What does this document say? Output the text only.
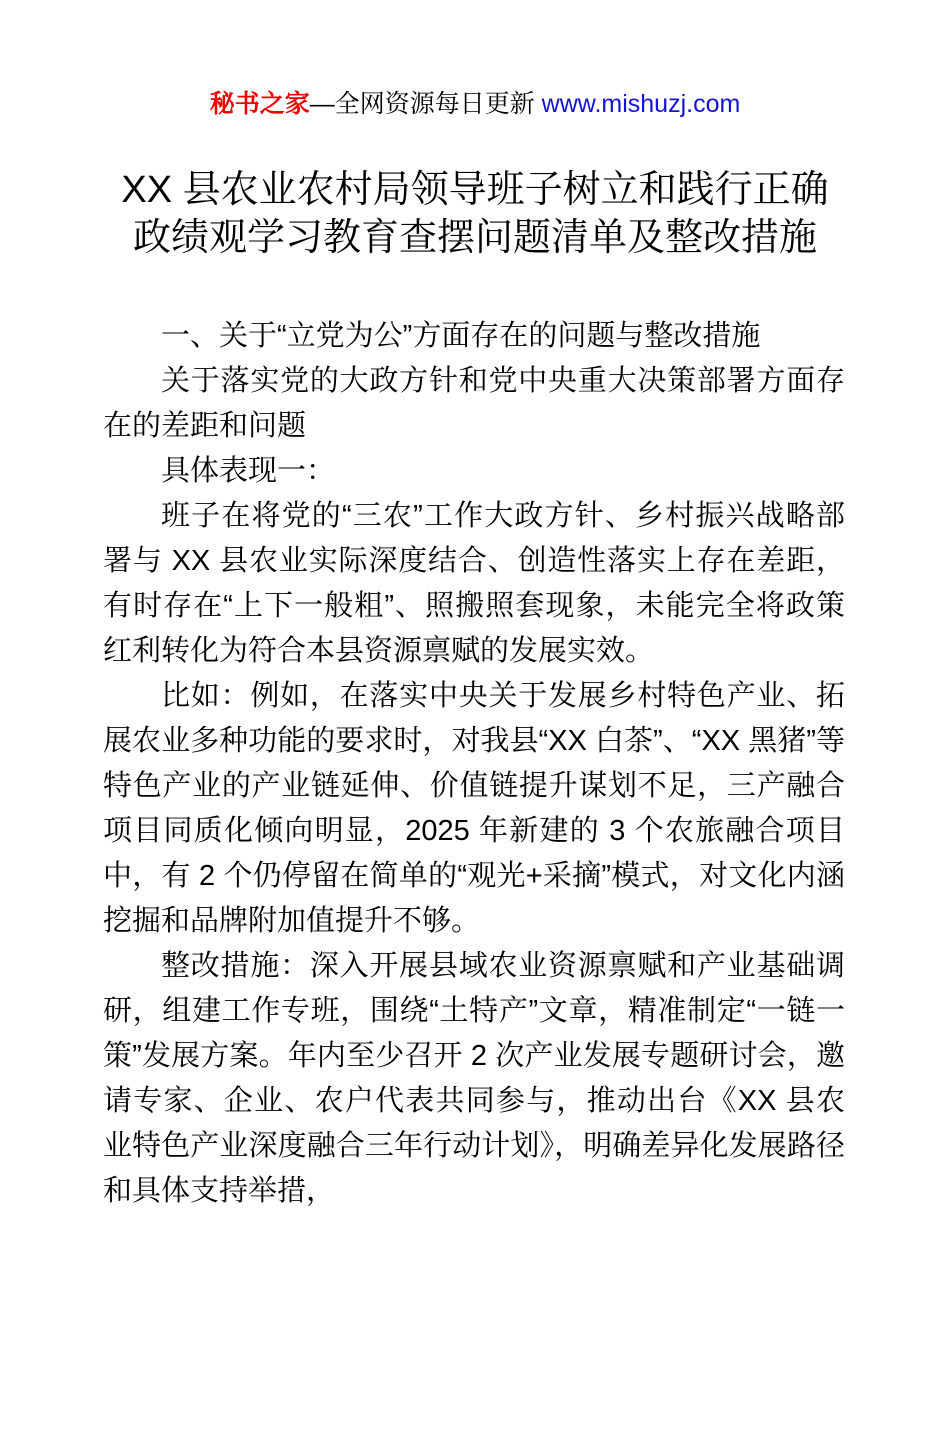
秘书之家—全网资源每日更新 www.mishuzj.com
XX 县农业农村局领导班子树立和践行正确
政绩观学习教育查摆问题清单及整改措施

一、关于“立党为公”方面存在的问题与整改措施

关于落实党的大政方针和党中央重大决策部署方面存在的差距和问题

具体表现一：

班子在将党的“三农”工作大政方针、乡村振兴战略部署与 XX 县农业实际深度结合、创造性落实上存在差距，有时存在“上下一般粗”、照搬照套现象，未能完全将政策红利转化为符合本县资源禀赋的发展实效。

比如：例如，在落实中央关于发展乡村特色产业、拓展农业多种功能的要求时，对我县“XX 白茶”、“XX 黑猪”等特色产业的产业链延伸、价值链提升谋划不足，三产融合项目同质化倾向明显，2025 年新建的 3 个农旅融合项目中，有 2 个仍停留在简单的“观光+采摘”模式，对文化内涵挖掘和品牌附加值提升不够。

整改措施：深入开展县域农业资源禀赋和产业基础调研，组建工作专班，围绕“土特产”文章，精准制定“一链一策”发展方案。年内至少召开 2 次产业发展专题研讨会，邀请专家、企业、农户代表共同参与，推动出台《XX 县农业特色产业深度融合三年行动计划》，明确差异化发展路径和具体支持举措，
